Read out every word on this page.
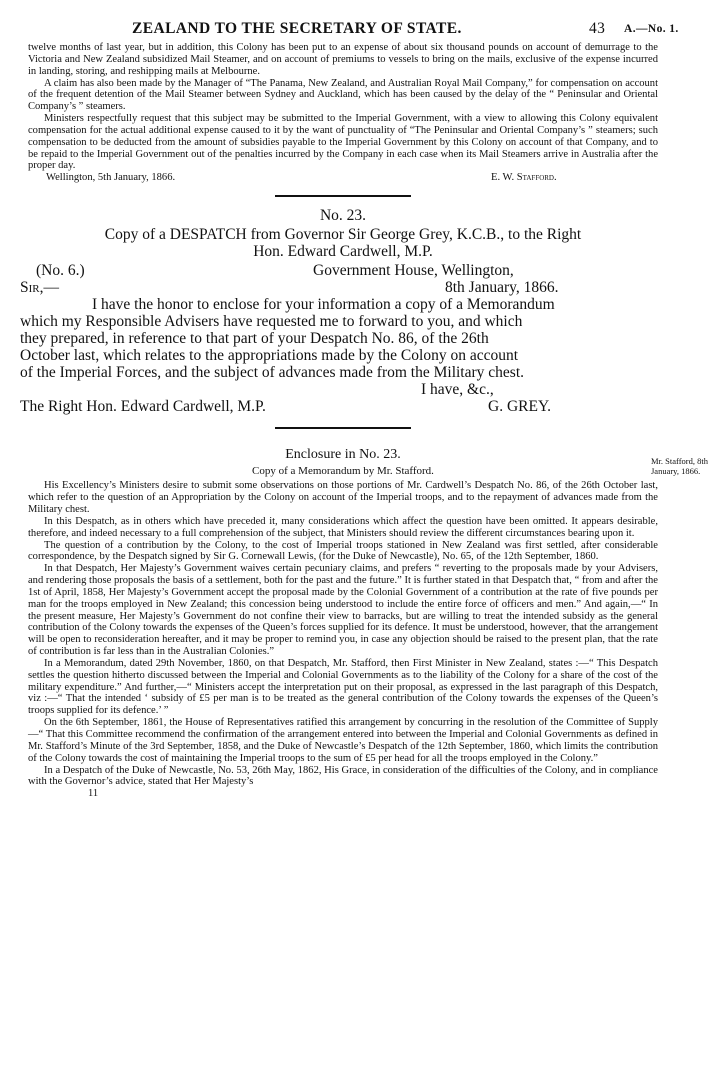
ZEALAND TO THE SECRETARY OF STATE.	43 A.—No. 1.

twelve months of last year, but in addition, this Colony has been put to an expense of about six thousand pounds on account of demurrage to the Victoria and New Zealand subsidized Mail Steamer, and on account of premiums to vessels to bring on the mails, exclusive of the expense incurred in landing, storing, and reshipping mails at Melbourne.

A claim has also been made by the Manager of “The Panama, New Zealand, and Australian Royal Mail Company,” for compensation on account of the frequent detention of the Mail Steamer between Sydney and Auckland, which has been caused by the delay of the “ Peninsular and Oriental Company’s ” steamers.

Ministers respectfully request that this subject may be submitted to the Imperial Government, with a view to allowing this Colony equivalent compensation for the actual additional expense caused to it by the want of punctuality of “The Peninsular and Oriental Company’s ” steamers; such compensation to be deducted from the amount of subsidies payable to the Imperial Government by this Colony on account of that Company, and to be repaid to the Imperial Government out of the penalties incurred by the Company in each case when its Mail Steamers arrive in Australia after the proper day.

Wellington, 5th January, 1866.	E. W. Stafford.
No. 23.
Copy of a DESPATCH from Governor Sir George Grey, K.C.B., to the Right
Hon. Edward Cardwell, M.P.
(No. 6.)	Government House, Wellington,
Sir,—	8th January, 1866.
I have the honor to enclose for your information a copy of a Memorandum
which my Responsible Advisers have requested me to forward to you, and which
they prepared, in reference to that part of your Despatch No. 86, of the 26th
October last, which relates to the appropriations made by the Colony on account
of the Imperial Forces, and the subject of advances made from the Military chest.
I have, &c.,
The Right Hon. Edward Cardwell, M.P.	G. GREY.
Enclosure in No. 23.
Copy of a Memorandum by Mr. Stafford.

His Excellency’s Ministers desire to submit some observations on those portions of Mr. Cardwell’s Despatch No. 86, of the 26th October last, which refer to the question of an Appropriation by the Colony on account of the Imperial troops, and to the repayment of advances made from the Military chest.

In this Despatch, as in others which have preceded it, many considerations which affect the question have been omitted. It appears desirable, therefore, and indeed necessary to a full comprehension of the subject, that Ministers should review the different circumstances bearing upon it.

The question of a contribution by the Colony, to the cost of Imperial troops stationed in New Zealand was first settled, after considerable correspondence, by the Despatch signed by Sir G. Cornewall Lewis, (for the Duke of Newcastle), No. 65, of the 12th September, 1860.

In that Despatch, Her Majesty’s Government waives certain pecuniary claims, and prefers “ reverting to the proposals made by your Advisers, and rendering those proposals the basis of a settlement, both for the past and the future.” It is further stated in that Despatch that, “ from and after the 1st of April, 1858, Her Majesty’s Government accept the proposal made by the Colonial Government of a contribution at the rate of five pounds per man for the troops employed in New Zealand; this concession being understood to include the entire force of officers and men.” And again,—“ In the present measure, Her Majesty’s Government do not confine their view to barracks, but are willing to treat the intended subsidy as the general contribution of the Colony towards the expenses of the Queen’s forces supplied for its defence. It must be understood, however, that the arrangement will be open to reconsideration hereafter, and it may be proper to remind you, in case any objection should be raised to the present plan, that the rate of contribution is far less than in the Australian Colonies.”

In a Memorandum, dated 29th November, 1860, on that Despatch, Mr. Stafford, then First Minister in New Zealand, states :—“ This Despatch settles the question hitherto discussed between the Imperial and Colonial Governments as to the liability of the Colony for a share of the cost of the military expenditure.” And further,—“ Ministers accept the interpretation put on their proposal, as expressed in the last paragraph of this Despatch, viz :—“ That the intended ‘ subsidy of £5 per man is to be treated as the general contribution of the Colony towards the expenses of the Queen’s troops supplied for its defence.’ ”

On the 6th September, 1861, the House of Representatives ratified this arrangement by concurring in the resolution of the Committee of Supply—“ That this Committee recommend the confirmation of the arrangement entered into between the Imperial and Colonial Governments as defined in Mr. Stafford’s Minute of the 3rd September, 1858, and the Duke of Newcastle’s Despatch of the 12th September, 1860, which limits the contribution of the Colony towards the cost of maintaining the Imperial troops to the sum of £5 per head for all the troops employed in the Colony.”

In a Despatch of the Duke of Newcastle, No. 53, 26th May, 1862, His Grace, in consideration of the difficulties of the Colony, and in compliance with the Governor’s advice, stated that Her Majesty’s

11
Mr. Stafford, 8th
January, 1866.
